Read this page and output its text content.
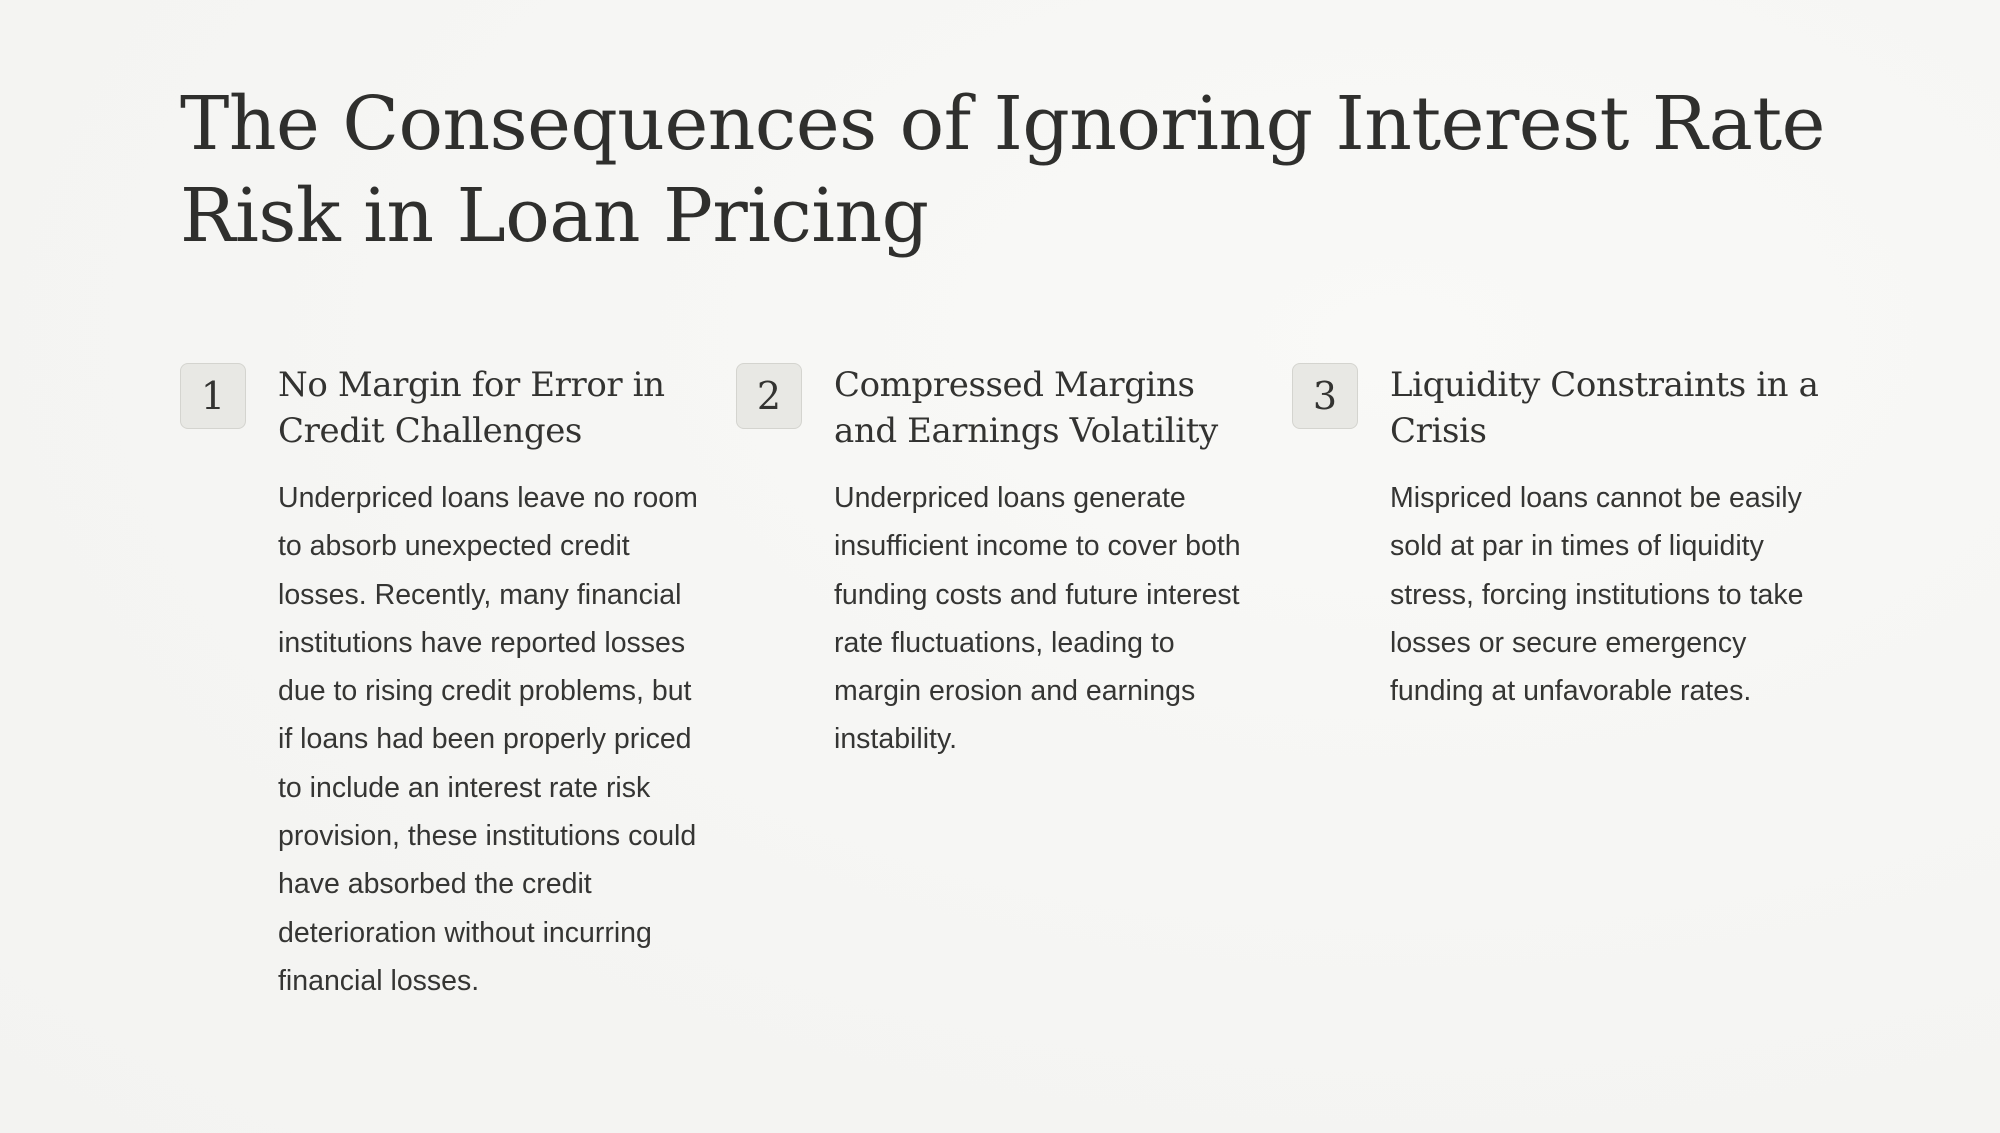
The Consequences of Ignoring Interest Rate Risk in Loan Pricing
1	No Margin for Error in Credit Challenges

Underpriced loans leave no room to absorb unexpected credit losses. Recently, many financial institutions have reported losses due to rising credit problems, but if loans had been properly priced to include an interest rate risk provision, these institutions could have absorbed the credit deterioration without incurring financial losses.

2	Compressed Margins and Earnings Volatility

Underpriced loans generate insufficient income to cover both funding costs and future interest rate fluctuations, leading to margin erosion and earnings instability.

3	Liquidity Constraints in a Crisis

Mispriced loans cannot be easily sold at par in times of liquidity stress, forcing institutions to take losses or secure emergency funding at unfavorable rates.
